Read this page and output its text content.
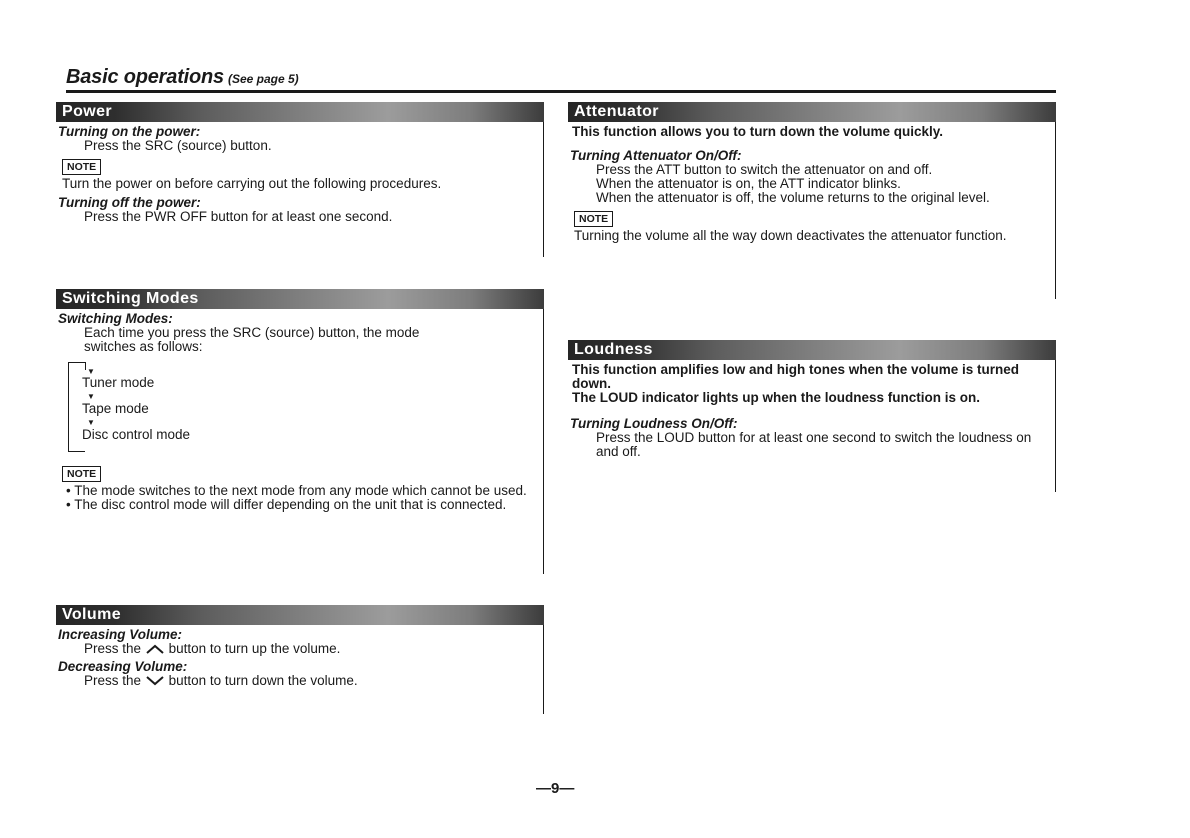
Basic operations (See page 5)
Power
Turning on the power:
Press the SRC (source) button.
NOTE
Turn the power on before carrying out the following procedures.
Turning off the power:
Press the PWR OFF button for at least one second.
Switching Modes
Switching Modes:
Each time you press the SRC (source) button, the mode
switches as follows:
▼
Tuner mode
▼
Tape mode
▼
Disc control mode
NOTE
• The mode switches to the next mode from any mode which cannot be used.
• The disc control mode will differ depending on the unit that is connected.
Volume
Increasing Volume:
Press the button to turn up the volume.
Decreasing Volume:
Press the button to turn down the volume.
Attenuator
This function allows you to turn down the volume quickly.
Turning Attenuator On/Off:
Press the ATT button to switch the attenuator on and off.
When the attenuator is on, the ATT indicator blinks.
When the attenuator is off, the volume returns to the original level.
NOTE
Turning the volume all the way down deactivates the attenuator function.
Loudness
This function amplifies low and high tones when the volume is turned down.
The LOUD indicator lights up when the loudness function is on.
Turning Loudness On/Off:
Press the LOUD button for at least one second to switch the loudness on and off.
—9—
